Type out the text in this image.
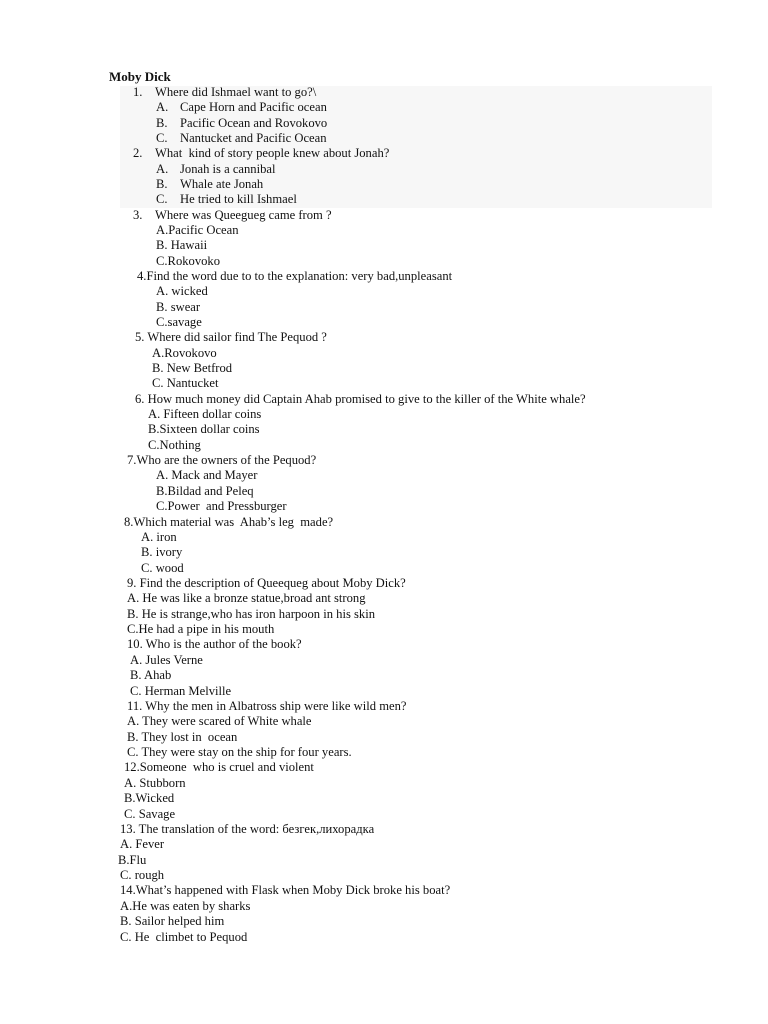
Moby Dick
1. Where did Ishmael want to go?\
A. Cape Horn and Pacific ocean
B. Pacific Ocean and Rovokovo
C. Nantucket and Pacific Ocean
2. What  kind of story people knew about Jonah?
A. Jonah is a cannibal
B. Whale ate Jonah
C. He tried to kill Ishmael
3. Where was Queegueg came from ?
A.Pacific Ocean
B. Hawaii
C.Rokovoko
4.Find the word due to to the explanation: very bad,unpleasant
A. wicked
B. swear
C.savage
5. Where did sailor find The Pequod ?
A.Rovokovo
B. New Betfrod
C. Nantucket
6. How much money did Captain Ahab promised to give to the killer of the White whale?
A. Fifteen dollar coins
B.Sixteen dollar coins
C.Nothing
7.Who are the owners of the Pequod?
A. Mack and Mayer
B.Bildad and Peleq
C.Power  and Pressburger
8.Which material was  Ahab’s leg  made?
A. iron
B. ivory
C. wood
9. Find the description of Queequeg about Moby Dick?
A. He was like a bronze statue,broad ant strong
B. He is strange,who has iron harpoon in his skin
C.He had a pipe in his mouth
10. Who is the author of the book?
A. Jules Verne
B. Ahab
C. Herman Melville
11. Why the men in Albatross ship were like wild men?
A. They were scared of White whale
B. They lost in  ocean
C. They were stay on the ship for four years.
12.Someone  who is cruel and violent
A. Stubborn
B.Wicked
C. Savage
13. The translation of the word: безгек,лихорадка
A. Fever
B.Flu
C. rough
14.What’s happened with Flask when Moby Dick broke his boat?
A.He was eaten by sharks
B. Sailor helped him
C. He  climbet to Pequod
